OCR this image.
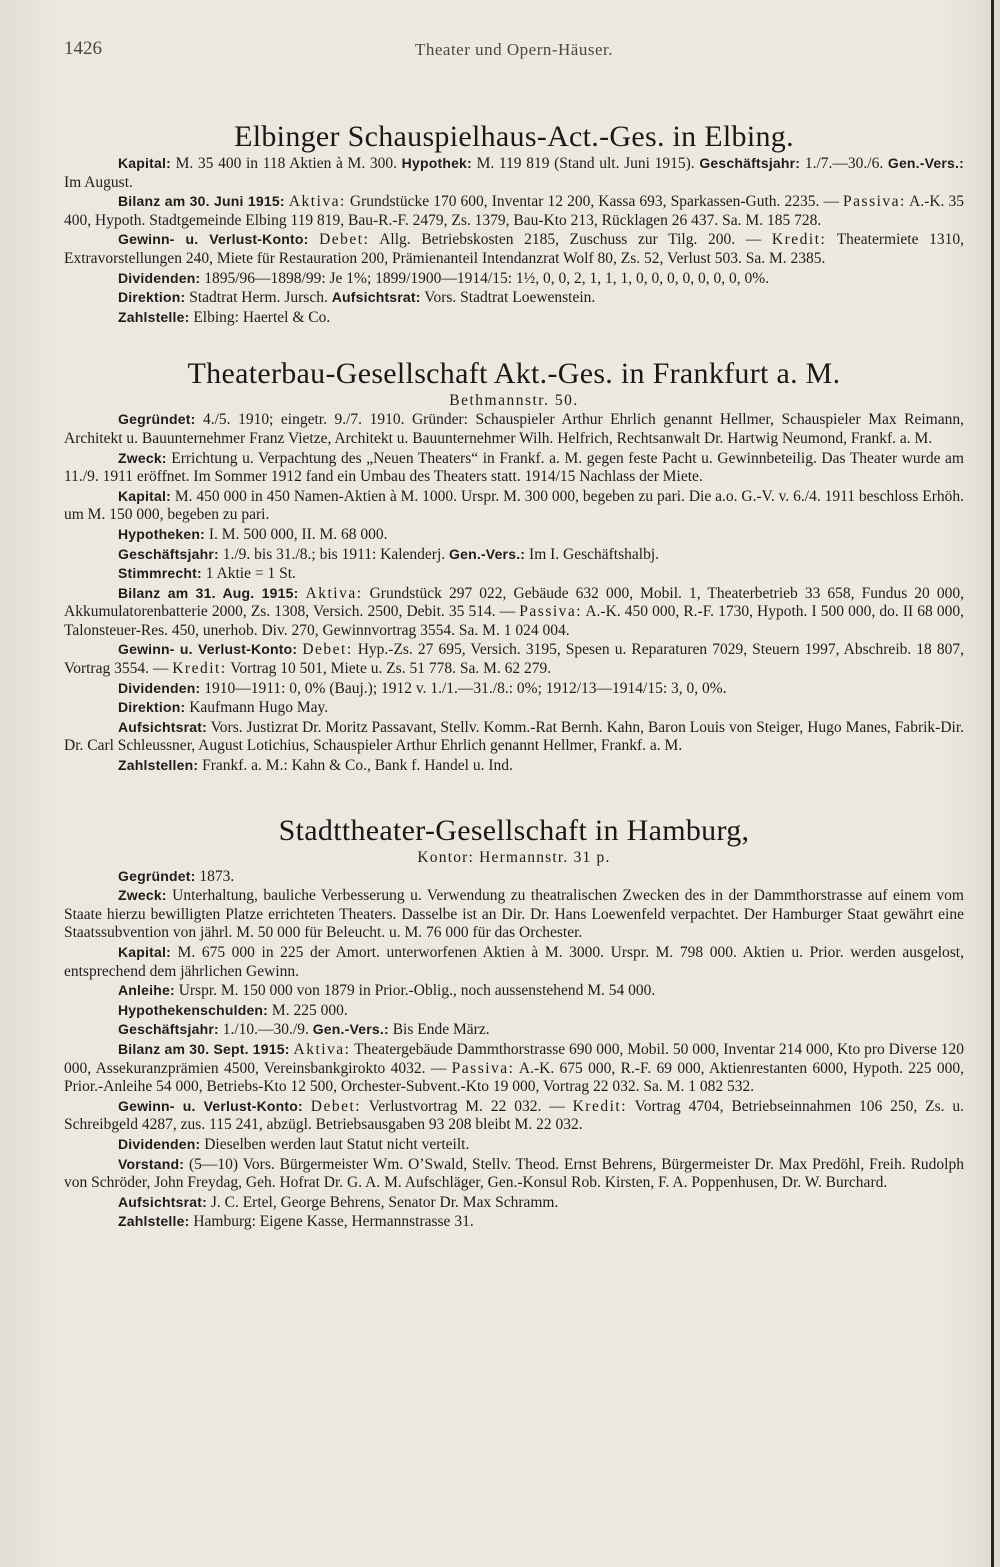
1426	Theater und Opern-Häuser.
Elbinger Schauspielhaus-Act.-Ges. in Elbing.

Kapital: M. 35 400 in 118 Aktien à M. 300. Hypothek: M. 119 819 (Stand ult. Juni 1915). Geschäftsjahr: 1./7.—30./6. Gen.-Vers.: Im August.

Bilanz am 30. Juni 1915: Aktiva: Grundstücke 170 600, Inventar 12 200, Kassa 693, Sparkassen-Guth. 2235. — Passiva: A.-K. 35 400, Hypoth. Stadtgemeinde Elbing 119 819, Bau-R.-F. 2479, Zs. 1379, Bau-Kto 213, Rücklagen 26 437. Sa. M. 185 728.

Gewinn- u. Verlust-Konto: Debet: Allg. Betriebskosten 2185, Zuschuss zur Tilg. 200. — Kredit: Theatermiete 1310, Extravorstellungen 240, Miete für Restauration 200, Prämienanteil Intendanzrat Wolf 80, Zs. 52, Verlust 503. Sa. M. 2385.

Dividenden: 1895/96—1898/99: Je 1%; 1899/1900—1914/15: 1½, 0, 0, 2, 1, 1, 1, 0, 0, 0, 0, 0, 0, 0, 0%.

Direktion: Stadtrat Herm. Jursch. Aufsichtsrat: Vors. Stadtrat Loewenstein.

Zahlstelle: Elbing: Haertel & Co.

Theaterbau-Gesellschaft Akt.-Ges. in Frankfurt a. M.
Bethmannstr. 50.

Gegründet: 4./5. 1910; eingetr. 9./7. 1910. Gründer: Schauspieler Arthur Ehrlich genannt Hellmer, Schauspieler Max Reimann, Architekt u. Bauunternehmer Franz Vietze, Architekt u. Bauunternehmer Wilh. Helfrich, Rechtsanwalt Dr. Hartwig Neumond, Frankf. a. M.

Zweck: Errichtung u. Verpachtung des „Neuen Theaters“ in Frankf. a. M. gegen feste Pacht u. Gewinnbeteilig. Das Theater wurde am 11./9. 1911 eröffnet. Im Sommer 1912 fand ein Umbau des Theaters statt. 1914/15 Nachlass der Miete.

Kapital: M. 450 000 in 450 Namen-Aktien à M. 1000. Urspr. M. 300 000, begeben zu pari. Die a.o. G.-V. v. 6./4. 1911 beschloss Erhöh. um M. 150 000, begeben zu pari.

Hypotheken: I. M. 500 000, II. M. 68 000.

Geschäftsjahr: 1./9. bis 31./8.; bis 1911: Kalenderj. Gen.-Vers.: Im I. Geschäftshalbj.

Stimmrecht: 1 Aktie = 1 St.

Bilanz am 31. Aug. 1915: Aktiva: Grundstück 297 022, Gebäude 632 000, Mobil. 1, Theaterbetrieb 33 658, Fundus 20 000, Akkumulatorenbatterie 2000, Zs. 1308, Versich. 2500, Debit. 35 514. — Passiva: A.-K. 450 000, R.-F. 1730, Hypoth. I 500 000, do. II 68 000, Talonsteuer-Res. 450, unerhob. Div. 270, Gewinnvortrag 3554. Sa. M. 1 024 004.

Gewinn- u. Verlust-Konto: Debet: Hyp.-Zs. 27 695, Versich. 3195, Spesen u. Reparaturen 7029, Steuern 1997, Abschreib. 18 807, Vortrag 3554. — Kredit: Vortrag 10 501, Miete u. Zs. 51 778. Sa. M. 62 279.

Dividenden: 1910—1911: 0, 0% (Bauj.); 1912 v. 1./1.—31./8.: 0%; 1912/13—1914/15: 3, 0, 0%.

Direktion: Kaufmann Hugo May.

Aufsichtsrat: Vors. Justizrat Dr. Moritz Passavant, Stellv. Komm.-Rat Bernh. Kahn, Baron Louis von Steiger, Hugo Manes, Fabrik-Dir. Dr. Carl Schleussner, August Lotichius, Schauspieler Arthur Ehrlich genannt Hellmer, Frankf. a. M.

Zahlstellen: Frankf. a. M.: Kahn & Co., Bank f. Handel u. Ind.

Stadttheater-Gesellschaft in Hamburg,
Kontor: Hermannstr. 31 p.

Gegründet: 1873.

Zweck: Unterhaltung, bauliche Verbesserung u. Verwendung zu theatralischen Zwecken des in der Dammthorstrasse auf einem vom Staate hierzu bewilligten Platze errichteten Theaters. Dasselbe ist an Dir. Dr. Hans Loewenfeld verpachtet. Der Hamburger Staat gewährt eine Staatssubvention von jährl. M. 50 000 für Beleucht. u. M. 76 000 für das Orchester.

Kapital: M. 675 000 in 225 der Amort. unterworfenen Aktien à M. 3000. Urspr. M. 798 000. Aktien u. Prior. werden ausgelost, entsprechend dem jährlichen Gewinn.

Anleihe: Urspr. M. 150 000 von 1879 in Prior.-Oblig., noch aussenstehend M. 54 000.

Hypothekenschulden: M. 225 000.

Geschäftsjahr: 1./10.—30./9. Gen.-Vers.: Bis Ende März.

Bilanz am 30. Sept. 1915: Aktiva: Theatergebäude Dammthorstrasse 690 000, Mobil. 50 000, Inventar 214 000, Kto pro Diverse 120 000, Assekuranzprämien 4500, Vereinsbankgirokto 4032. — Passiva: A.-K. 675 000, R.-F. 69 000, Aktienrestanten 6000, Hypoth. 225 000, Prior.-Anleihe 54 000, Betriebs-Kto 12 500, Orchester-Subvent.-Kto 19 000, Vortrag 22 032. Sa. M. 1 082 532.

Gewinn- u. Verlust-Konto: Debet: Verlustvortrag M. 22 032. — Kredit: Vortrag 4704, Betriebseinnahmen 106 250, Zs. u. Schreibgeld 4287, zus. 115 241, abzügl. Betriebsausgaben 93 208 bleibt M. 22 032.

Dividenden: Dieselben werden laut Statut nicht verteilt.

Vorstand: (5—10) Vors. Bürgermeister Wm. O’Swald, Stellv. Theod. Ernst Behrens, Bürgermeister Dr. Max Predöhl, Freih. Rudolph von Schröder, John Freydag, Geh. Hofrat Dr. G. A. M. Aufschläger, Gen.-Konsul Rob. Kirsten, F. A. Poppenhusen, Dr. W. Burchard.

Aufsichtsrat: J. C. Ertel, George Behrens, Senator Dr. Max Schramm.

Zahlstelle: Hamburg: Eigene Kasse, Hermannstrasse 31.
